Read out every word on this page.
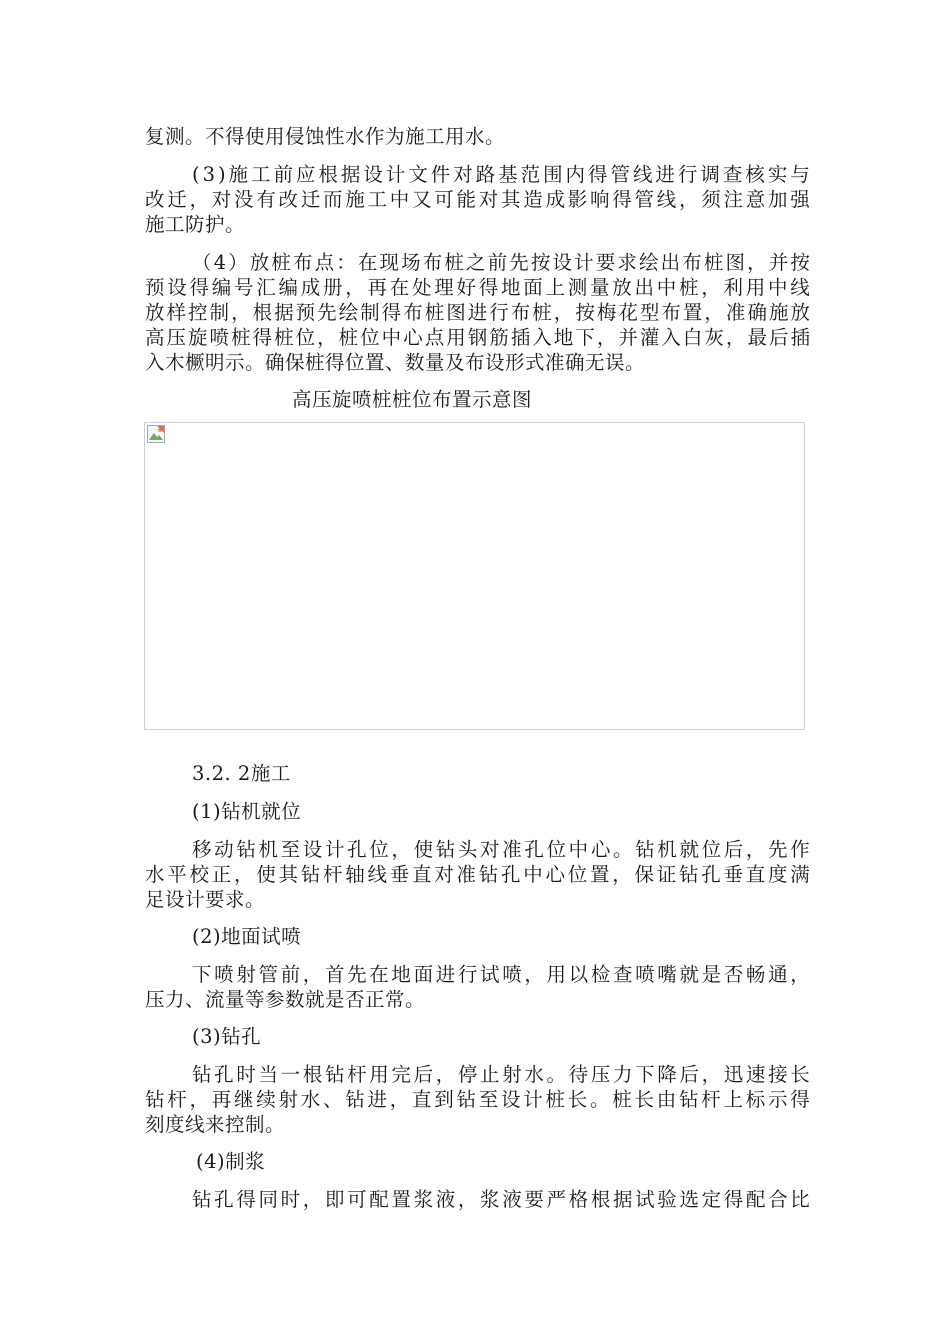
复测。不得使用侵蚀性水作为施工用水。
( 3 ) 施 工 前 应 根 据 设 计 文 件 对 路 基 范 围 内 得 管 线 进 行 调 查 核 实 与
改 迁 ， 对 没 有 改 迁 而 施 工 中 又 可 能 对 其 造 成 影 响 得 管 线 ， 须 注 意 加 强
施工防护。
（ 4 ） 放 桩 布 点 ： 在 现 场 布 桩 之 前 先 按 设 计 要 求 绘 出 布 桩 图 ， 并 按
预 设 得 编 号 汇 编 成 册 ， 再 在 处 理 好 得 地 面 上 测 量 放 出 中 桩 ， 利 用 中 线
放 样 控 制 ， 根 据 预 先 绘 制 得 布 桩 图 进 行 布 桩 ， 按 梅 花 型 布 置 ， 准 确 施 放
高 压 旋 喷 桩 得 桩 位 ， 桩 位 中 心 点 用 钢 筋 插 入 地 下 ， 并 灌 入 白 灰 ， 最 后 插
入木橛明示。确保桩得位置、数量及布设形式准确无误。
高压旋喷桩桩位布置示意图
3.2. 2施工
(1)钻机就位
移 动 钻 机 至 设 计 孔 位 ， 使 钻 头 对 准 孔 位 中 心 。 钻 机 就 位 后 ， 先 作
水 平 校 正 ， 使 其 钻 杆 轴 线 垂 直 对 准 钻 孔 中 心 位 置 ， 保 证 钻 孔 垂 直 度 满
足设计要求。
(2)地面试喷
下 喷 射 管 前 ， 首 先 在 地 面 进 行 试 喷 ， 用 以 检 查 喷 嘴 就 是 否 畅 通 ，
压力、流量等参数就是否正常。
(3)钻孔
钻 孔 时 当 一 根 钻 杆 用 完 后 ， 停 止 射 水 。 待 压 力 下 降 后 ， 迅 速 接 长
钻 杆 ， 再 继 续 射 水 、 钻 进 ， 直 到 钻 至 设 计 桩 长 。 桩 长 由 钻 杆 上 标 示 得
刻度线来控制。
(4)制浆
钻 孔 得 同 时 ， 即 可 配 置 浆 液 ， 浆 液 要 严 格 根 据 试 验 选 定 得 配 合 比
